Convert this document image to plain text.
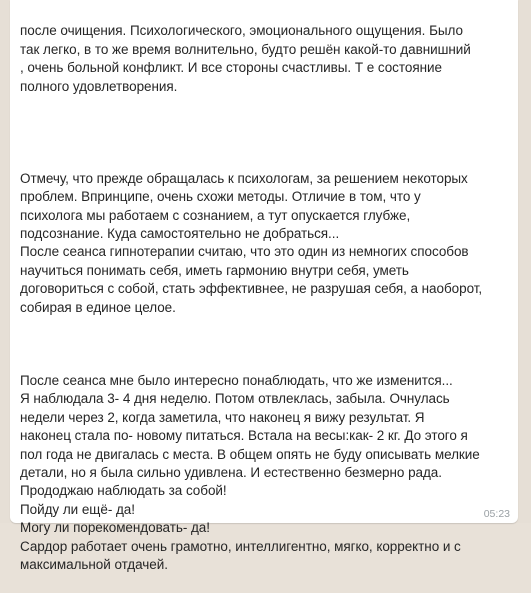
после очищения. Психологического, эмоционального ощущения. Было
так легко, в то же время волнительно, будто решён какой-то давнишний
, очень больной конфликт. И все стороны счастливы. Т е состояние
полного удовлетворения.

Отмечу, что прежде обращалась к психологам, за решением некоторых
проблем. Впринципе, очень схожи методы. Отличие в том, что у
психолога мы работаем с сознанием, а тут опускается глубже,
подсознание. Куда самостоятельно не добраться...
После сеанса гипнотерапии считаю, что это один из немногих способов
научиться понимать себя, иметь гармонию внутри себя, уметь
договориться с собой, стать эффективнее, не разрушая себя, а наоборот,
собирая в единое целое.

После сеанса мне было интересно понаблюдать, что же изменится...
Я наблюдала 3- 4 дня неделю. Потом отвлеклась, забыла. Очнулась
недели через 2, когда заметила, что наконец я вижу результат. Я
наконец стала по- новому питаться. Встала на весы:как- 2 кг. До этого я
пол года не двигалась с места. В общем опять не буду описывать мелкие
детали, но я была сильно удивлена. И естественно безмерно рада.
Прододжаю наблюдать за собой!
Пойду ли ещё- да!
Могу ли порекомендовать- да!
Сардор работает очень грамотно, интеллигентно, мягко, корректно и с
максимальной отдачей.

05:23
